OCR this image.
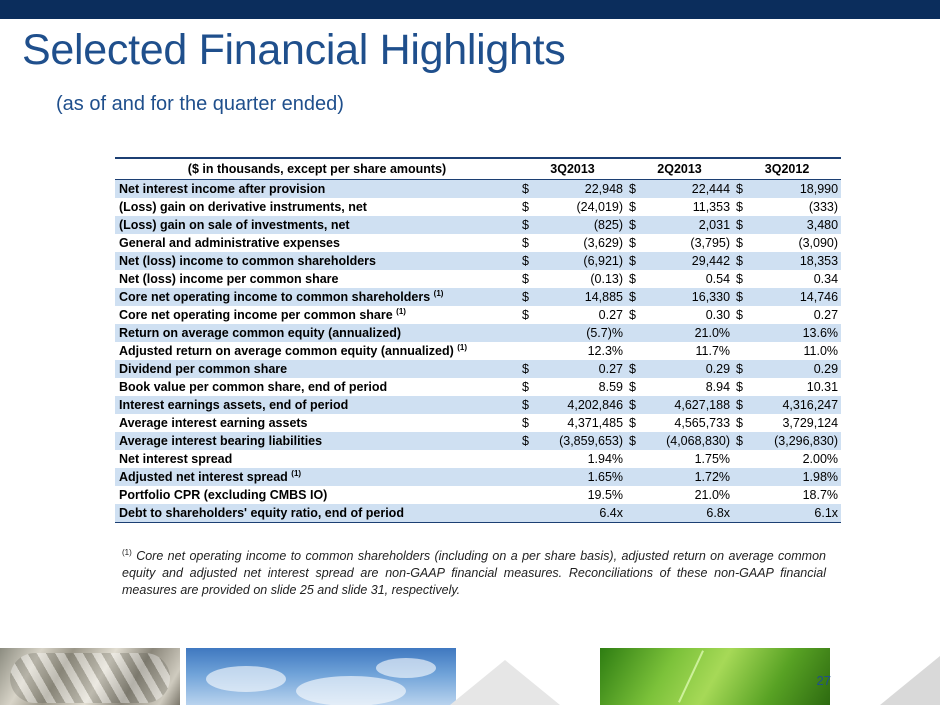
Selected Financial Highlights
(as of and for the quarter ended)
($ in thousands, except per share amounts)	3Q2013		2Q2013		3Q2012	
Net interest income after provision	$	22,948	$	22,444	$	18,990
(Loss) gain on derivative instruments, net	$	(24,019)	$	11,353	$	(333)
(Loss) gain on sale of investments, net	$	(825)	$	2,031	$	3,480
General and administrative expenses	$	(3,629)	$	(3,795)	$	(3,090)
Net (loss) income to common shareholders	$	(6,921)	$	29,442	$	18,353
Net (loss) income per common share	$	(0.13)	$	0.54	$	0.34
Core net operating income to common shareholders $^{(1)}$	$	14,885	$	16,330	$	14,746
Core net operating income per common share $^{(1)}$	$	0.27	$	0.30	$	0.27
Return on average common equity (annualized)		(5.7)%		21.0%		13.6%
Adjusted return on average common equity (annualized) $^{(1)}$		12.3%		11.7%		11.0%
Dividend per common share	$	0.27	$	0.29	$	0.29
Book value per common share, end of period	$	8.59	$	8.94	$	10.31
Interest earnings assets, end of period	$	4,202,846	$	4,627,188	$	4,316,247
Average interest earning assets	$	4,371,485	$	4,565,733	$	3,729,124
Average interest bearing liabilities	$	(3,859,653)	$	(4,068,830)	$	(3,296,830)
Net interest spread		1.94%		1.75%		2.00%
Adjusted net interest spread $^{(1)}$		1.65%		1.72%		1.98%
Portfolio CPR (excluding CMBS IO)		19.5%		21.0%		18.7%
Debt to shareholders' equity ratio, end of period		6.4x		6.8x		6.1x
$^{(1)}$ Core net operating income to common shareholders (including on a per share basis), adjusted return on average common equity and adjusted net interest spread are non-GAAP financial measures. Reconciliations of these non-GAAP financial measures are provided on slide 25 and slide 31, respectively.
27
